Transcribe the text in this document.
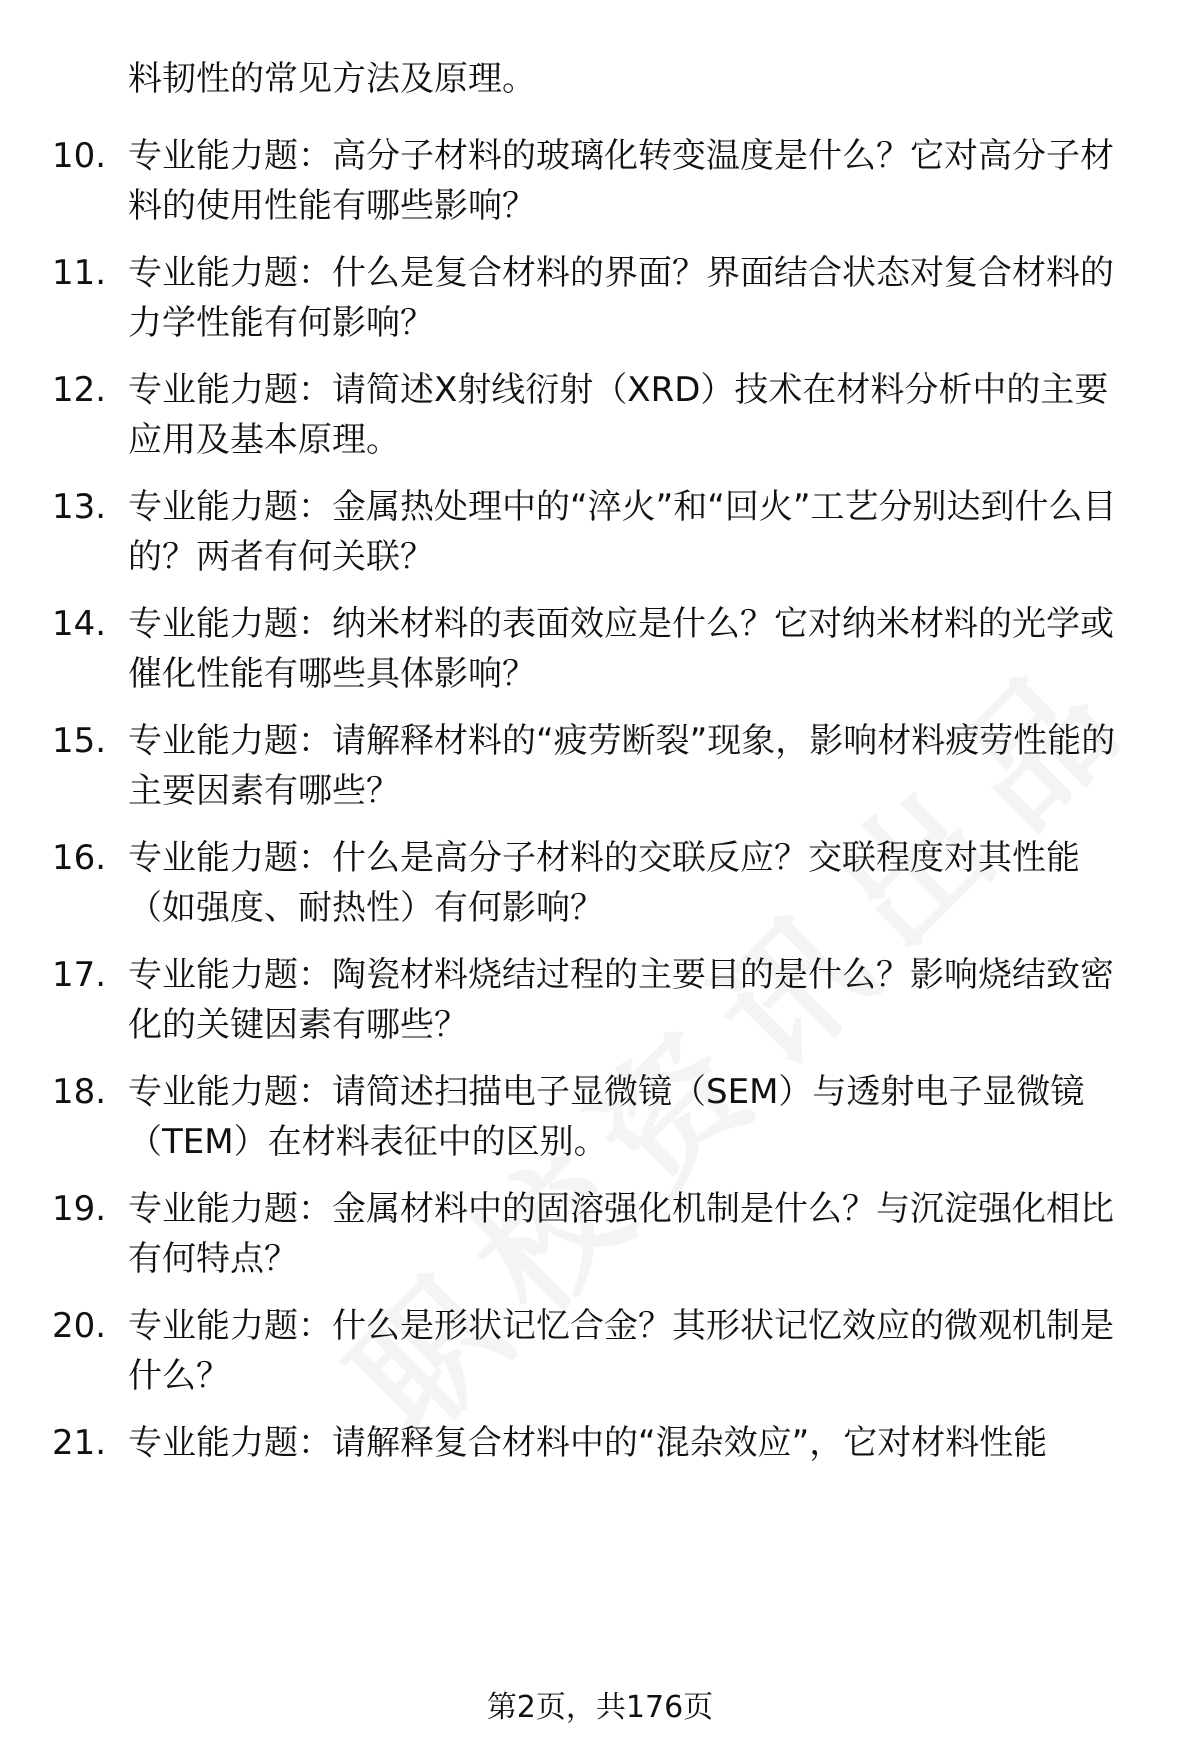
料韧性的常见方法及原理。

10. 专业能力题：高分子材料的玻璃化转变温度是什么？它对高分子材料的使用性能有哪些影响？

11. 专业能力题：什么是复合材料的界面？界面结合状态对复合材料的力学性能有何影响？

12. 专业能力题：请简述X射线衍射（XRD）技术在材料分析中的主要应用及基本原理。

13. 专业能力题：金属热处理中的“淬火”和“回火”工艺分别达到什么目的？两者有何关联？

14. 专业能力题：纳米材料的表面效应是什么？它对纳米材料的光学或催化性能有哪些具体影响？

15. 专业能力题：请解释材料的“疲劳断裂”现象，影响材料疲劳性能的主要因素有哪些？

16. 专业能力题：什么是高分子材料的交联反应？交联程度对其性能（如强度、耐热性）有何影响？

17. 专业能力题：陶瓷材料烧结过程的主要目的是什么？影响烧结致密化的关键因素有哪些？

18. 专业能力题：请简述扫描电子显微镜（SEM）与透射电子显微镜（TEM）在材料表征中的区别。

19. 专业能力题：金属材料中的固溶强化机制是什么？与沉淀强化相比有何特点？

20. 专业能力题：什么是形状记忆合金？其形状记忆效应的微观机制是什么？

21. 专业能力题：请解释复合材料中的“混杂效应”，它对材料性能

第2页，共176页
